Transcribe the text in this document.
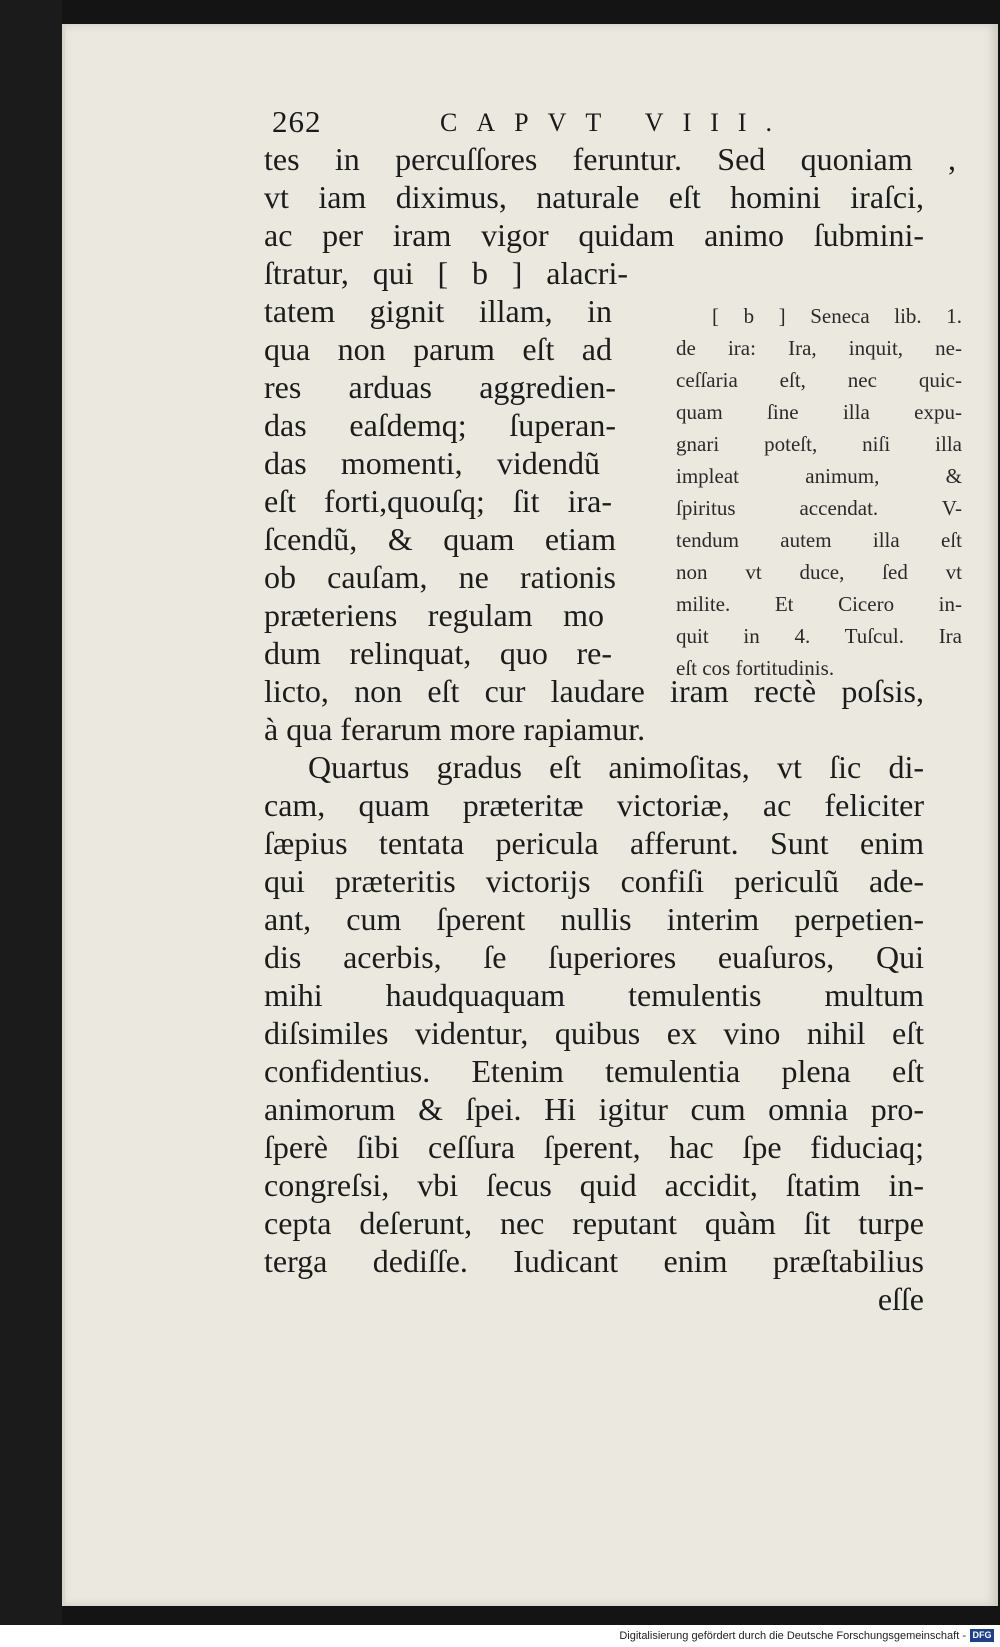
262	CAPVT VIII.
tes in percuſſores feruntur. Sed quoniam ,
vt iam diximus, naturale eſt homini iraſci,
ac per iram vigor quidam animo ſubmini-
ſtratur, qui [ b ] alacri-
tatem gignit illam, in
qua non parum eſt ad
res arduas aggredien-
das eaſdemq; ſuperan-
das momenti, videndũ
eſt forti,quouſq; ſit ira-
ſcendũ, & quam etiam
ob cauſam, ne rationis
præteriens regulam mo
dum relinquat, quo re-
licto, non eſt cur laudare iram rectè poſsis,
à qua ferarum more rapiamur.
Quartus gradus eſt animoſitas, vt ſic di-
cam, quam præteritæ victoriæ, ac feliciter
ſæpius tentata pericula afferunt. Sunt enim
qui præteritis victorijs confiſi periculũ ade-
ant, cum ſperent nullis interim perpetien-
dis acerbis, ſe ſuperiores euaſuros, Qui
mihi haudquaquam temulentis multum
diſsimiles videntur, quibus ex vino nihil eſt
confidentius. Etenim temulentia plena eſt
animorum & ſpei. Hi igitur cum omnia pro-
ſperè ſibi ceſſura ſperent, hac ſpe fiduciaq;
congreſsi, vbi ſecus quid accidit, ſtatim in-
cepta deſerunt, nec reputant quàm ſit turpe
terga dediſſe. Iudicant enim præſtabilius
eſſe
[ b ] Seneca lib. 1.
de ira: Ira, inquit, ne-
ceſſaria eſt, nec quic-
quam ſine illa expu-
gnari poteſt, niſi illa
impleat animum, &
ſpiritus accendat. V-
tendum autem illa eſt
non vt duce, ſed vt
milite. Et Cicero in-
quit in 4. Tuſcul. Ira
eſt cos fortitudinis.
Digitalisierung gefördert durch die Deutsche Forschungsgemeinschaft - DFG
